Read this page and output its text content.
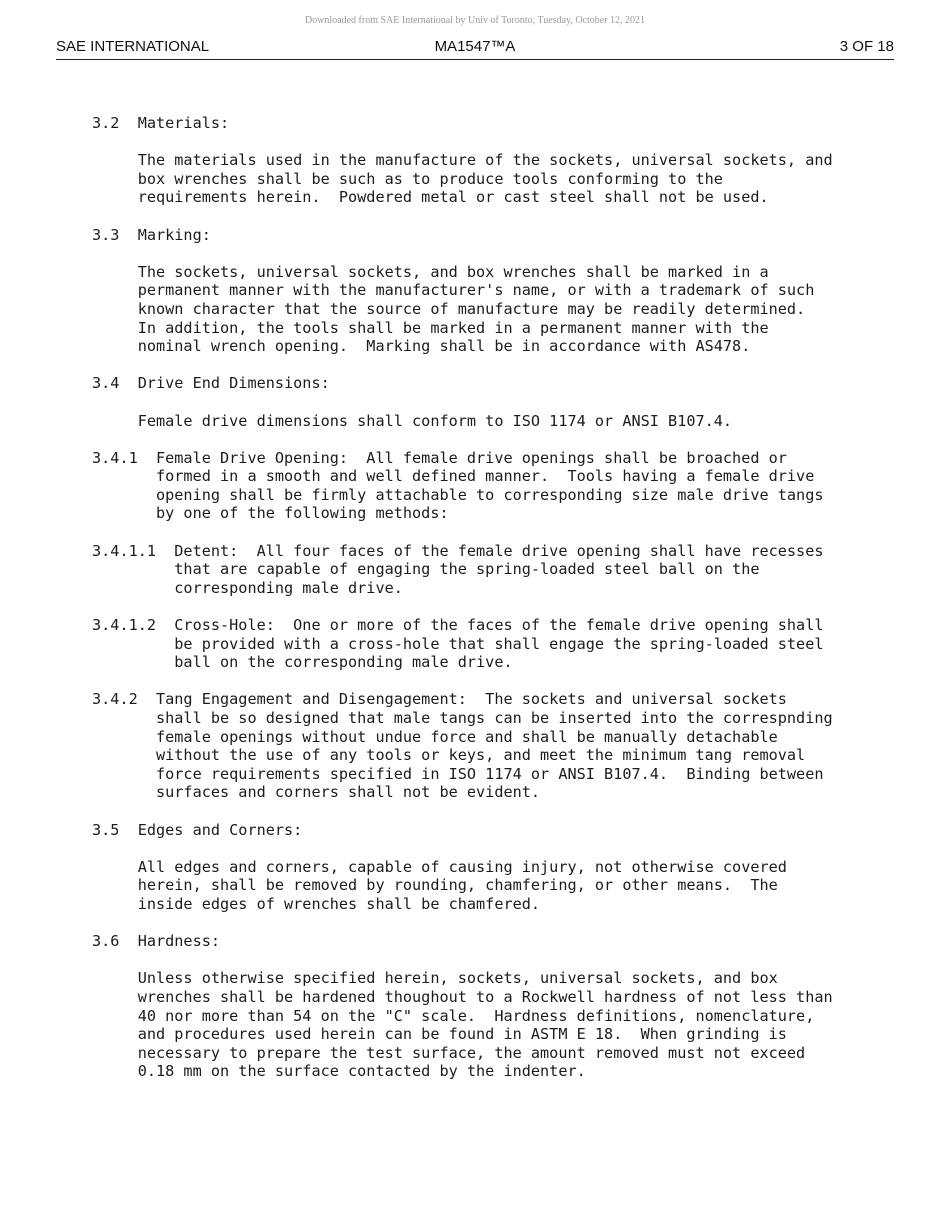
Downloaded from SAE International by Univ of Toronto, Tuesday, October 12, 2021
SAE INTERNATIONAL	MA1547™A	3 OF 18
3.2  Materials:
The materials used in the manufacture of the sockets, universal sockets, and
box wrenches shall be such as to produce tools conforming to the
requirements herein.  Powdered metal or cast steel shall not be used.
3.3  Marking:
The sockets, universal sockets, and box wrenches shall be marked in a
permanent manner with the manufacturer's name, or with a trademark of such
known character that the source of manufacture may be readily determined.
In addition, the tools shall be marked in a permanent manner with the
nominal wrench opening.  Marking shall be in accordance with AS478.
3.4  Drive End Dimensions:
Female drive dimensions shall conform to ISO 1174 or ANSI B107.4.
3.4.1  Female Drive Opening:  All female drive openings shall be broached or
formed in a smooth and well defined manner.  Tools having a female drive
opening shall be firmly attachable to corresponding size male drive tangs
by one of the following methods:
3.4.1.1  Detent:  All four faces of the female drive opening shall have recesses
that are capable of engaging the spring-loaded steel ball on the
corresponding male drive.
3.4.1.2  Cross-Hole:  One or more of the faces of the female drive opening shall
be provided with a cross-hole that shall engage the spring-loaded steel
ball on the corresponding male drive.
3.4.2  Tang Engagement and Disengagement:  The sockets and universal sockets
shall be so designed that male tangs can be inserted into the correspnding
female openings without undue force and shall be manually detachable
without the use of any tools or keys, and meet the minimum tang removal
force requirements specified in ISO 1174 or ANSI B107.4.  Binding between
surfaces and corners shall not be evident.
3.5  Edges and Corners:
All edges and corners, capable of causing injury, not otherwise covered
herein, shall be removed by rounding, chamfering, or other means.  The
inside edges of wrenches shall be chamfered.
3.6  Hardness:
Unless otherwise specified herein, sockets, universal sockets, and box
wrenches shall be hardened thoughout to a Rockwell hardness of not less than
40 nor more than 54 on the "C" scale.  Hardness definitions, nomenclature,
and procedures used herein can be found in ASTM E 18.  When grinding is
necessary to prepare the test surface, the amount removed must not exceed
0.18 mm on the surface contacted by the indenter.
